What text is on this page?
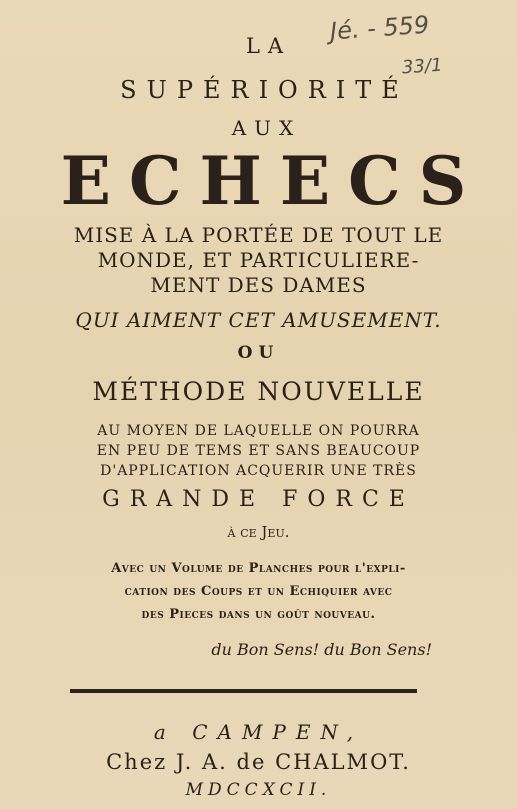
Jé. - 559
33/1
LA
SUPÉRIORITÉ
AUX
ECHECS
MISE À LA PORTÉE DE TOUT LE
MONDE, ET PARTICULIERE-
MENT DES DAMES
QUI AIMENT CET AMUSEMENT.
OU
MÉTHODE NOUVELLE
AU MOYEN DE LAQUELLE ON POURRA
EN PEU DE TEMS ET SANS BEAUCOUP
D'APPLICATION ACQUERIR UNE TRÈS
GRANDE FORCE
à ce Jeu.
Avec un Volume de Planches pour l'expli-
cation des Coups et un Echiquier avec
des Pieces dans un goût nouveau.
du Bon Sens! du Bon Sens!
a CAMPEN,
Chez J. A. de CHALMOT.
MDCCXCII.
